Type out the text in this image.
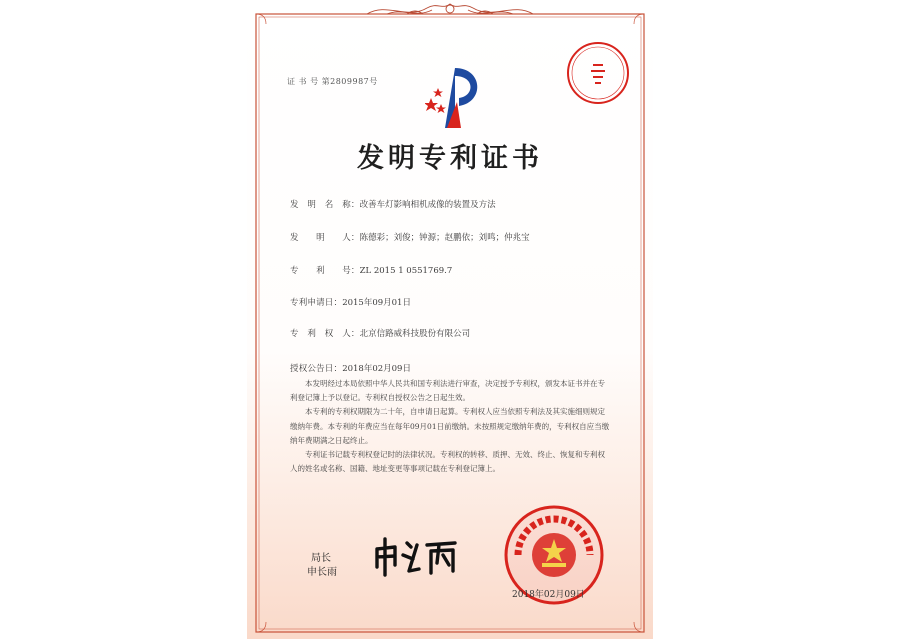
证 书 号 第2809987号
发明专利证书
发　明　名　称：改善车灯影响相机成像的装置及方法
发　　明　　人：陈德彩；刘俊；钟源；赵鹏依；刘鸣；仲兆宝
专　　利　　号：ZL 2015 1 0551769.7
专利申请日：2015年09月01日
专　利　权　人：北京信路威科技股份有限公司
授权公告日：2018年02月09日

本发明经过本局依照中华人民共和国专利法进行审查，决定授予专利权，颁发本证书并在专利登记簿上予以登记。专利权自授权公告之日起生效。

本专利的专利权期限为二十年，自申请日起算。专利权人应当依照专利法及其实施细则规定缴纳年费。本专利的年费应当在每年09月01日前缴纳。未按照规定缴纳年费的，专利权自应当缴纳年费期满之日起终止。

专利证书记载专利权登记时的法律状况。专利权的转移、质押、无效、终止、恢复和专利权人的姓名或名称、国籍、地址变更等事项记载在专利登记簿上。

局长
申长雨
2018年02月09日
